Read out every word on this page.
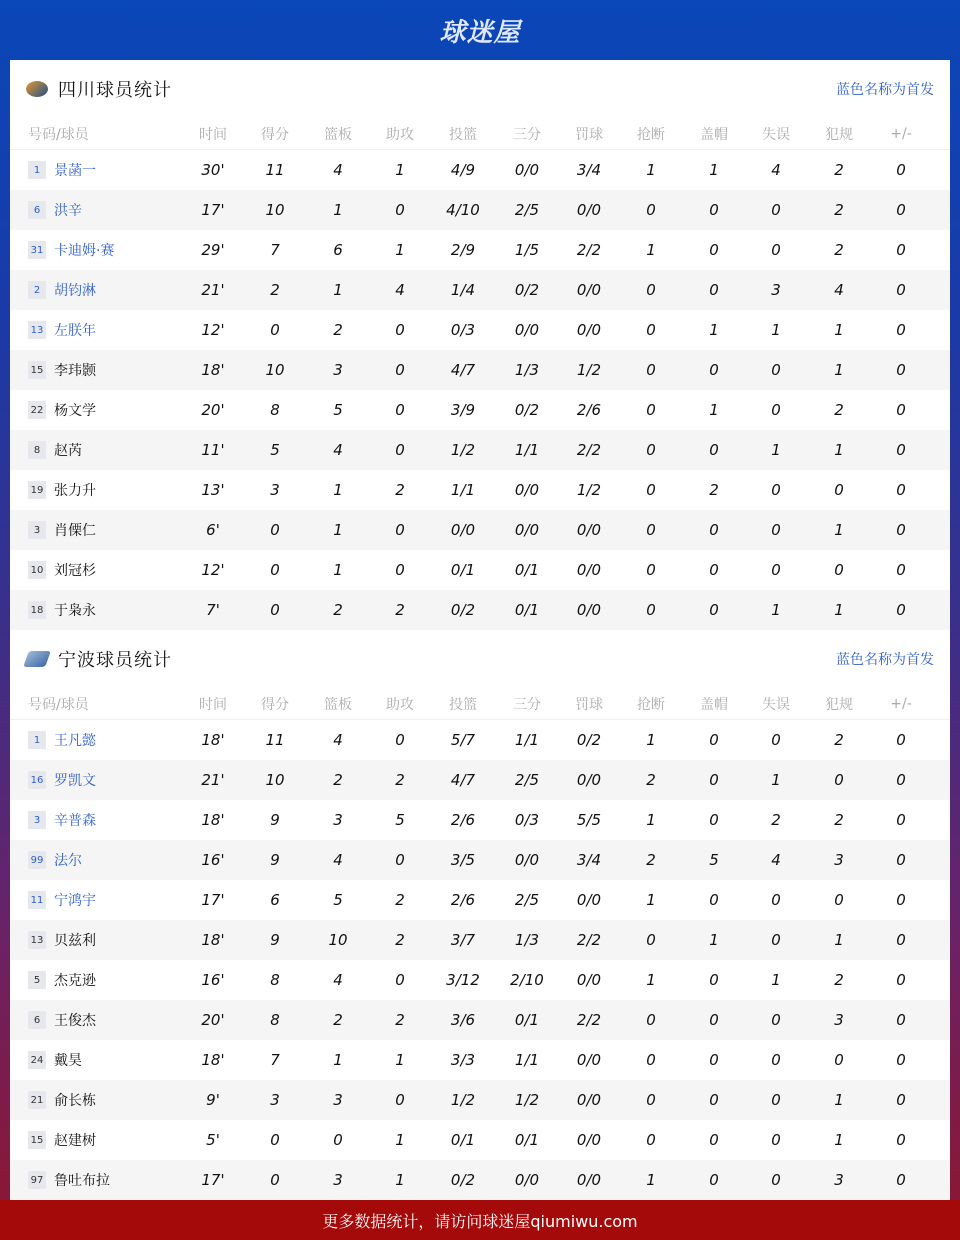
球迷屋
四川球员统计	蓝色名称为首发
号码/球员	时间	得分	篮板	助攻	投篮	三分	罚球	抢断	盖帽	失误	犯规	+/-
1 景菡一	30'	11	4	1	4/9	0/0	3/4	1	1	4	2	0
6 洪辛	17'	10	1	0	4/10	2/5	0/0	0	0	0	2	0
31 卡迪姆·赛	29'	7	6	1	2/9	1/5	2/2	1	0	0	2	0
2 胡钧淋	21'	2	1	4	1/4	0/2	0/0	0	0	3	4	0
13 左朕年	12'	0	2	0	0/3	0/0	0/0	0	1	1	1	0
15 李玮颢	18'	10	3	0	4/7	1/3	1/2	0	0	0	1	0
22 杨文学	20'	8	5	0	3/9	0/2	2/6	0	1	0	2	0
8 赵芮	11'	5	4	0	1/2	1/1	2/2	0	0	1	1	0
19 张力升	13'	3	1	2	1/1	0/0	1/2	0	2	0	0	0
3 肖傈仁	6'	0	1	0	0/0	0/0	0/0	0	0	0	1	0
10 刘冠杉	12'	0	1	0	0/1	0/1	0/0	0	0	0	0	0
18 于枭永	7'	0	2	2	0/2	0/1	0/0	0	0	1	1	0
宁波球员统计	蓝色名称为首发
号码/球员	时间	得分	篮板	助攻	投篮	三分	罚球	抢断	盖帽	失误	犯规	+/-
1 王凡懿	18'	11	4	0	5/7	1/1	0/2	1	0	0	2	0
16 罗凯文	21'	10	2	2	4/7	2/5	0/0	2	0	1	0	0
3 辛普森	18'	9	3	5	2/6	0/3	5/5	1	0	2	2	0
99 法尔	16'	9	4	0	3/5	0/0	3/4	2	5	4	3	0
11 宁鸿宇	17'	6	5	2	2/6	2/5	0/0	1	0	0	0	0
13 贝兹利	18'	9	10	2	3/7	1/3	2/2	0	1	0	1	0
5 杰克逊	16'	8	4	0	3/12	2/10	0/0	1	0	1	2	0
6 王俊杰	20'	8	2	2	3/6	0/1	2/2	0	0	0	3	0
24 戴昊	18'	7	1	1	3/3	1/1	0/0	0	0	0	0	0
21 俞长栋	9'	3	3	0	1/2	1/2	0/0	0	0	0	1	0
15 赵建树	5'	0	0	1	0/1	0/1	0/0	0	0	0	1	0
97 鲁吐布拉	17'	0	3	1	0/2	0/0	0/0	1	0	0	3	0
更多数据统计，请访问球迷屋qiumiwu.com
